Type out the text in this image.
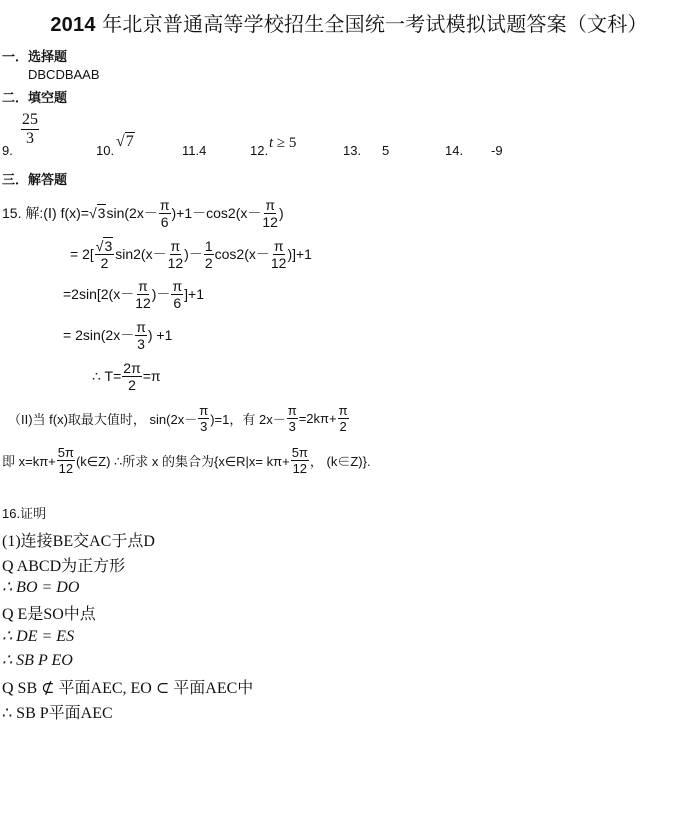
2014 年北京普通高等学校招生全国统一考试模拟试题答案（文科）
一．选择题
DBCDBAAB
二．填空题
9.
$\frac{25}{3}$
10.
√7
11.4	12. t ≥ 5	13. 5	14. -9
三．解答题
15. 解:(Ⅰ) f(x)= √3 $\sin(2x- \frac{\pi}{6} )+1-\cos 2(x- \frac{\pi}{12}$ )
= $2[ \frac{√3}{2} \sin 2(x- \frac{\pi}{12}$ )－ $\frac{1}{2} \cos 2(x- \frac{\pi}{12} )]+1$
$=2\sin[2(x- \frac{\pi}{12}$ )－ $\frac{\pi}{6} ]+1$
= $2\sin(2x- \frac{\pi}{3}$ ) +1
∴ $T= \frac{2\pi}{2} =\pi$
（II)当 f(x)取最大值时， $\sin(2x- \frac{\pi}{3} )=1$，有 $2x- \frac{\pi}{3} =2k\pi+ \frac{\pi}{2}$
即 $x=k\pi+ \frac{5\pi}{12}$ (k∈Z) ∴所求 x 的集合为{x∈R|x= $k\pi+ \frac{5\pi}{12}$ ， (k∈Z)}.
16.证明
(1)连接BE交AC于点D
Q ABCD为正方形
∴ BO = DO
Q E是SO中点
∴ DE = ES
∴ SB P EO
Q SB ⊄ 平面AEC, EO ⊂ 平面AEC中
∴ SB P平面AEC
